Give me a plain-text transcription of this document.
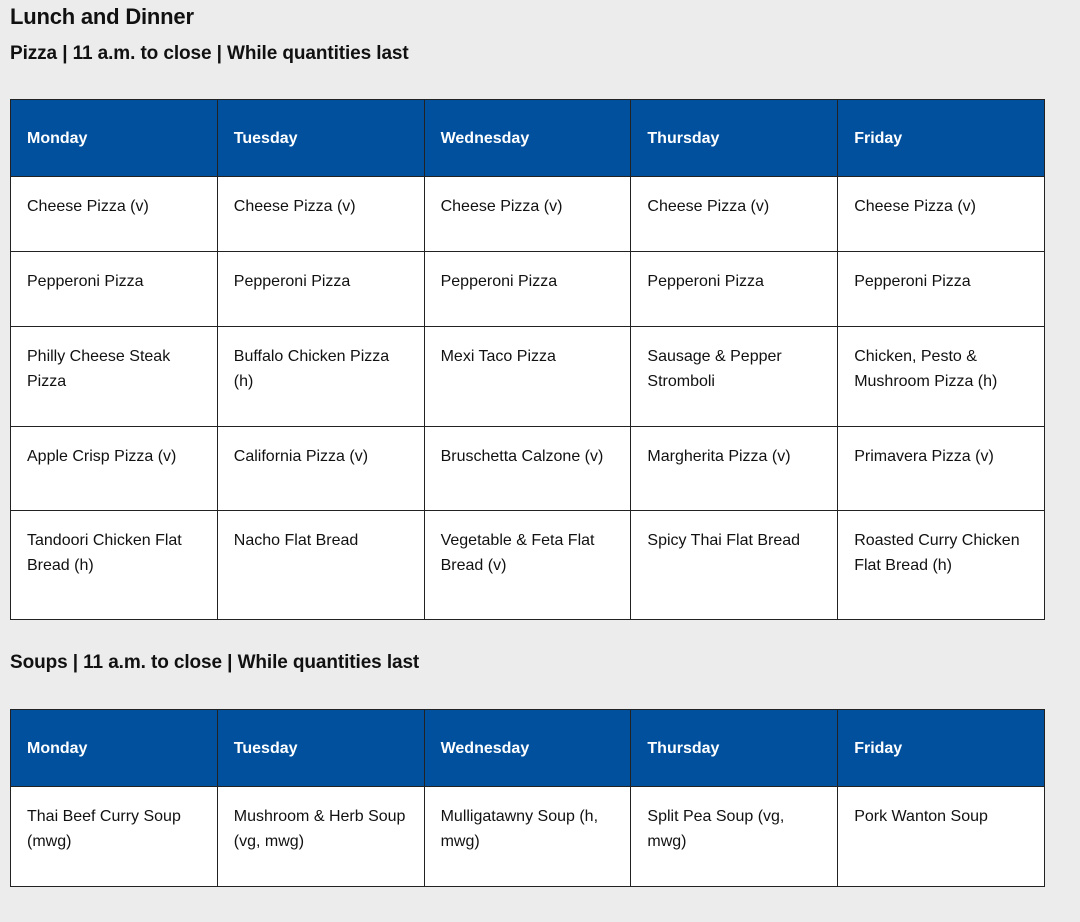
Lunch and Dinner
Pizza | 11 a.m. to close | While quantities last
Monday	Tuesday	Wednesday	Thursday	Friday
Cheese Pizza (v)	Cheese Pizza (v)	Cheese Pizza (v)	Cheese Pizza (v)	Cheese Pizza (v)
Pepperoni Pizza	Pepperoni Pizza	Pepperoni Pizza	Pepperoni Pizza	Pepperoni Pizza
Philly Cheese Steak Pizza	Buffalo Chicken Pizza (h)	Mexi Taco Pizza	Sausage & Pepper Stromboli	Chicken, Pesto & Mushroom Pizza (h)
Apple Crisp Pizza (v)	California Pizza (v)	Bruschetta Calzone (v)	Margherita Pizza (v)	Primavera Pizza (v)
Tandoori Chicken Flat Bread (h)	Nacho Flat Bread	Vegetable & Feta Flat Bread (v)	Spicy Thai Flat Bread	Roasted Curry Chicken Flat Bread (h)
Soups | 11 a.m. to close | While quantities last
Monday	Tuesday	Wednesday	Thursday	Friday
Thai Beef Curry Soup (mwg)	Mushroom & Herb Soup (vg, mwg)	Mulligatawny Soup (h, mwg)	Split Pea Soup (vg, mwg)	Pork Wanton Soup
